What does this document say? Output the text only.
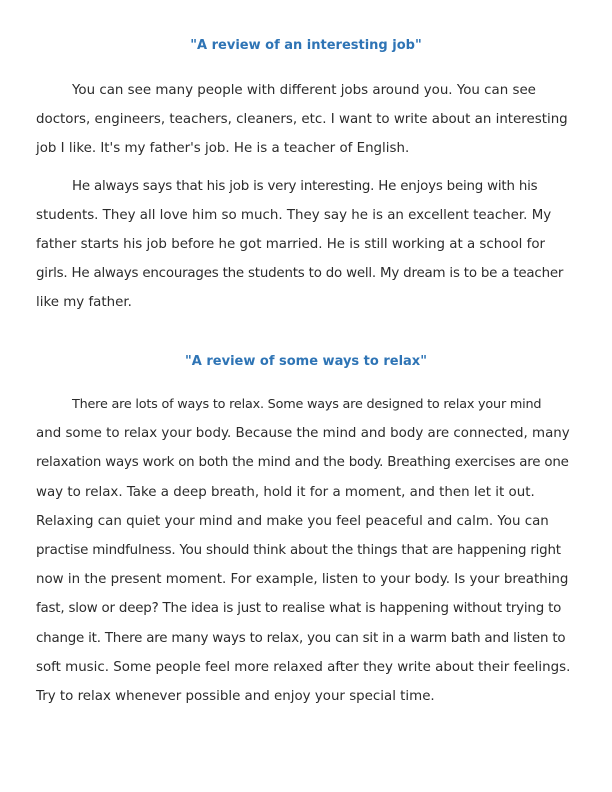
"A review of an interesting job"

You can see many people with different jobs around you. You can see
doctors, engineers, teachers, cleaners, etc. I want to write about an interesting
job I like. It's my father's job. He is a teacher of English.

He always says that his job is very interesting. He enjoys being with his
students. They all love him so much. They say he is an excellent teacher. My
father starts his job before he got married. He is still working at a school for
girls. He always encourages the students to do well. My dream is to be a teacher
like my father.

"A review of some ways to relax"

There are lots of ways to relax. Some ways are designed to relax your mind
and some to relax your body. Because the mind and body are connected, many
relaxation ways work on both the mind and the body. Breathing exercises are one
way to relax. Take a deep breath, hold it for a moment, and then let it out.
Relaxing can quiet your mind and make you feel peaceful and calm. You can
practise mindfulness. You should think about the things that are happening right
now in the present moment. For example, listen to your body. Is your breathing
fast, slow or deep? The idea is just to realise what is happening without trying to
change it. There are many ways to relax, you can sit in a warm bath and listen to
soft music. Some people feel more relaxed after they write about their feelings.
Try to relax whenever possible and enjoy your special time.
